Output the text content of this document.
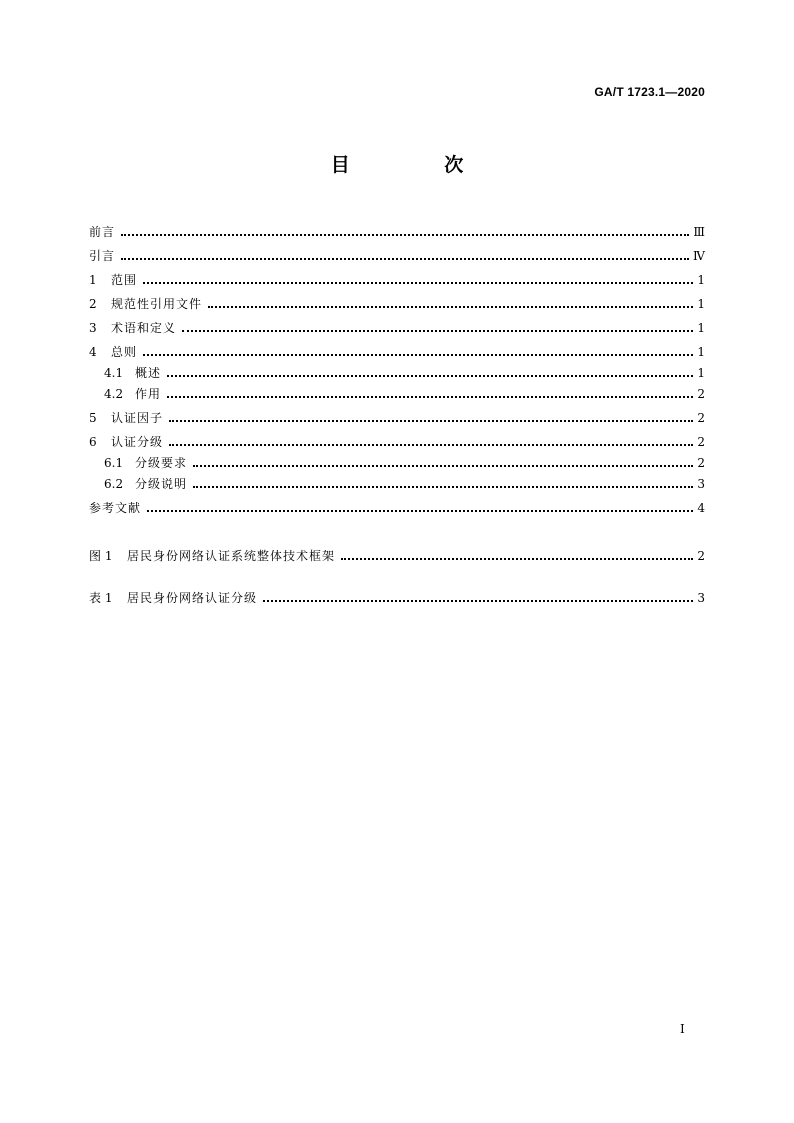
GA/T 1723.1—2020
目 次
前言	Ⅲ
引言	Ⅳ
1	范围	1
2	规范性引用文件	1
3	术语和定义	1
4	总则	1
4.1 概述	1
4.2 作用	2
5	认证因子	2
6	认证分级	2
6.1 分级要求	2
6.2 分级说明	3
参考文献	4
图 1	居民身份网络认证系统整体技术框架	2
表 1	居民身份网络认证分级	3
I
